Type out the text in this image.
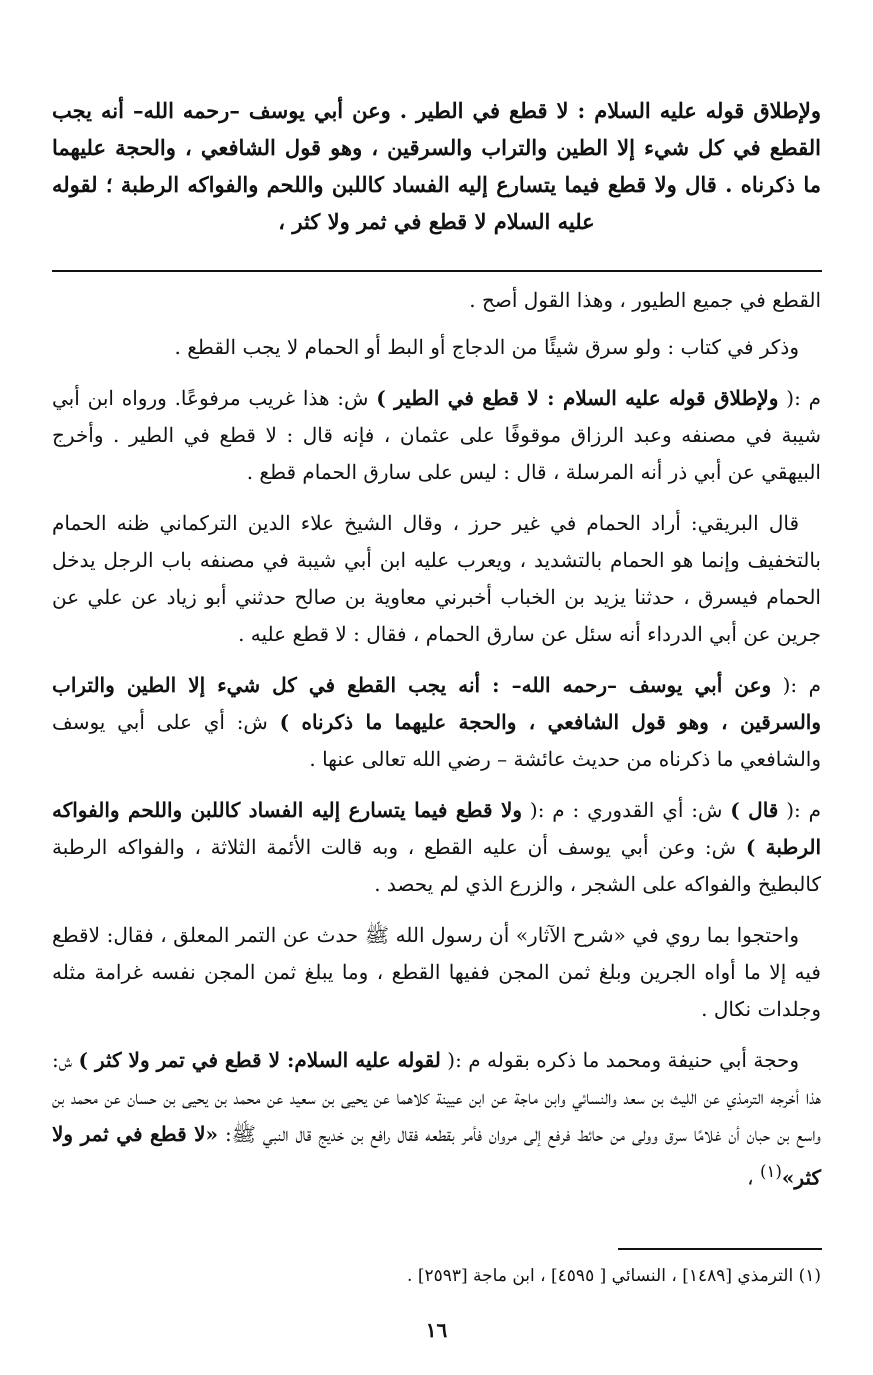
ولإطلاق قوله عليه السلام : لا قطع في الطير . وعن أبي يوسف –رحمه الله– أنه يجب القطع في كل شيء إلا الطين والتراب والسرقين ، وهو قول الشافعي ، والحجة عليهما ما ذكرناه . قال ولا قطع فيما يتسارع إليه الفساد كاللبن واللحم والفواكه الرطبة ؛ لقوله عليه السلام لا قطع في ثمر ولا كثر ،

القطع في جميع الطيور ، وهذا القول أصح .

وذكر في كتاب : ولو سرق شيئًا من الدجاج أو البط أو الحمام لا يجب القطع .

م :( ولإطلاق قوله عليه السلام : لا قطع في الطير ) ش: هذا غريب مرفوعًا. ورواه ابن أبي شيبة في مصنفه وعبد الرزاق موقوفًا على عثمان ، فإنه قال : لا قطع في الطير . وأخرج البيهقي عن أبي ذر أنه المرسلة ، قال : ليس على سارق الحمام قطع .

قال البريقي: أراد الحمام في غير حرز ، وقال الشيخ علاء الدين التركماني ظنه الحمام بالتخفيف وإنما هو الحمام بالتشديد ، ويعرب عليه ابن أبي شيبة في مصنفه باب الرجل يدخل الحمام فيسرق ، حدثنا يزيد بن الخباب أخبرني معاوية بن صالح حدثني أبو زياد عن علي عن جرين عن أبي الدرداء أنه سئل عن سارق الحمام ، فقال : لا قطع عليه .

م :( وعن أبي يوسف –رحمه الله– : أنه يجب القطع في كل شيء إلا الطين والتراب والسرقين ، وهو قول الشافعي ، والحجة عليهما ما ذكرناه ) ش: أي على أبي يوسف والشافعي ما ذكرناه من حديث عائشة – رضي الله تعالى عنها .

م :( قال ) ش: أي القدوري : م :( ولا قطع فيما يتسارع إليه الفساد كاللبن واللحم والفواكه الرطبة ) ش: وعن أبي يوسف أن عليه القطع ، وبه قالت الأئمة الثلاثة ، والفواكه الرطبة كالبطيخ والفواكه على الشجر ، والزرع الذي لم يحصد .

واحتجوا بما روي في «شرح الآثار» أن رسول الله ﷺ حدث عن التمر المعلق ، فقال: لاقطع فيه إلا ما أواه الجرين وبلغ ثمن المجن ففيها القطع ، وما يبلغ ثمن المجن نفسه غرامة مثله وجلدات نكال .

وحجة أبي حنيفة ومحمد ما ذكره بقوله م :( لقوله عليه السلام: لا قطع في تمر ولا كثر ) ش: هذا أخرجه الترمذي عن الليث بن سعد والنسائي وابن ماجة عن ابن عيينة كلاهما عن يحيى بن سعيد عن محمد بن يحيى بن حسان عن محمد بن واسع بن حبان أن غلامًا سرق وولى من حائط فرفع إلى مروان فأمر بقطعه فقال رافع بن خديج قال النبي ﷺ: «لا قطع في ثمر ولا كثر»$^{(١)}$ ،

(١) الترمذي [١٤٨٩] ، النسائي [ ٤٥٩٥] ، ابن ماجة [٢٥٩٣] .
١٦
